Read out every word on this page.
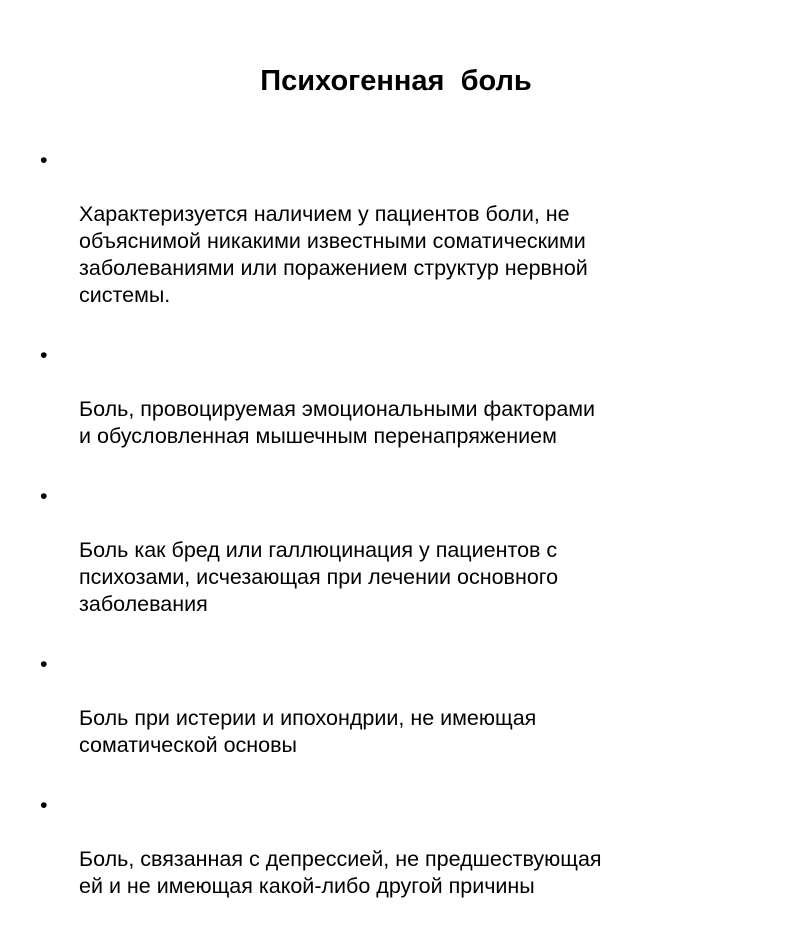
Психогенная  боль

•

Характеризуется наличием у пациентов боли, не
объяснимой никакими известными соматическими
заболеваниями или поражением структур нервной
системы.

•

Боль, провоцируемая эмоциональными факторами
и обусловленная мышечным перенапряжением

•

Боль как бред или галлюцинация у пациентов с
психозами, исчезающая при лечении основного
заболевания

•

Боль при истерии и ипохондрии, не имеющая
соматической основы

•

Боль, связанная с депрессией, не предшествующая
ей и не имеющая какой-либо другой причины
